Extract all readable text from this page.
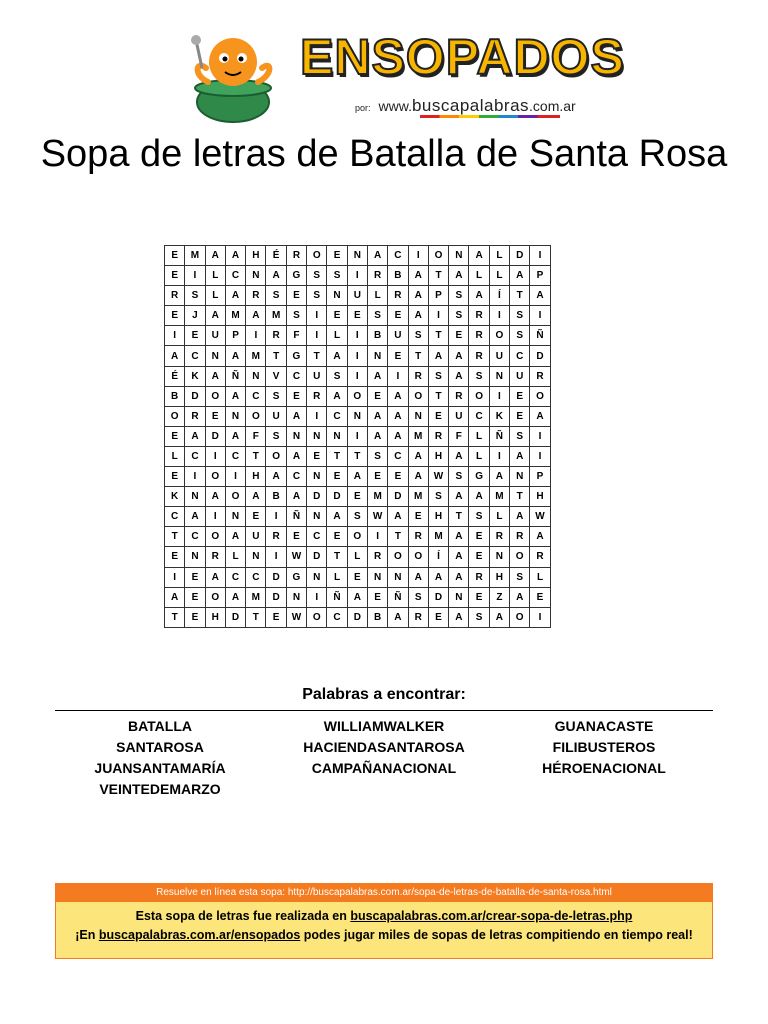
ENSOPADOS
por: www.buscapalabras.com.ar
Sopa de letras de Batalla de Santa Rosa
E	M	A	A	H	É	R	O	E	N	A	C	I	O	N	A	L	D	I
E	I	L	C	N	A	G	S	S	I	R	B	A	T	A	L	L	A	P
R	S	L	A	R	S	E	S	N	U	L	R	A	P	S	A	Í	T	A
E	J	A	M	A	M	S	I	E	E	S	E	A	I	S	R	I	S	I
I	E	U	P	I	R	F	I	L	I	B	U	S	T	E	R	O	S	Ñ
A	C	N	A	M	T	G	T	A	I	N	E	T	A	A	R	U	C	D
É	K	A	Ñ	N	V	C	U	S	I	A	I	R	S	A	S	N	U	R
B	D	O	A	C	S	E	R	A	O	E	A	O	T	R	O	I	E	O
O	R	E	N	O	U	A	I	C	N	A	A	N	E	U	C	K	E	A
E	A	D	A	F	S	N	N	N	I	A	A	M	R	F	L	Ñ	S	I
L	C	I	C	T	O	A	E	T	T	S	C	A	H	A	L	I	A	I
E	I	O	I	H	A	C	N	E	A	E	E	A	W	S	G	A	N	P
K	N	A	O	A	B	A	D	D	E	M	D	M	S	A	A	M	T	H
C	A	I	N	E	I	Ñ	N	A	S	W	A	E	H	T	S	L	A	W
T	C	O	A	U	R	E	C	E	O	I	T	R	M	A	E	R	R	A
E	N	R	L	N	I	W	D	T	L	R	O	O	Í	A	E	N	O	R
I	E	A	C	C	D	G	N	L	E	N	N	A	A	A	R	H	S	L
A	E	O	A	M	D	N	I	Ñ	A	E	Ñ	S	D	N	E	Z	A	E
T	E	H	D	T	E	W	O	C	D	B	A	R	E	A	S	A	O	I
Palabras a encontrar:
BATALLA
SANTAROSA
JUANSANTAMARÍA
VEINTEDEMARZO
WILLIAMWALKER
HACIENDASANTAROSA
CAMPAÑANACIONAL
GUANACASTE
FILIBUSTEROS
HÉROENACIONAL
Resuelve en línea esta sopa: http://buscapalabras.com.ar/sopa-de-letras-de-batalla-de-santa-rosa.html
Esta sopa de letras fue realizada en buscapalabras.com.ar/crear-sopa-de-letras.php
¡En buscapalabras.com.ar/ensopados podes jugar miles de sopas de letras compitiendo en tiempo real!
